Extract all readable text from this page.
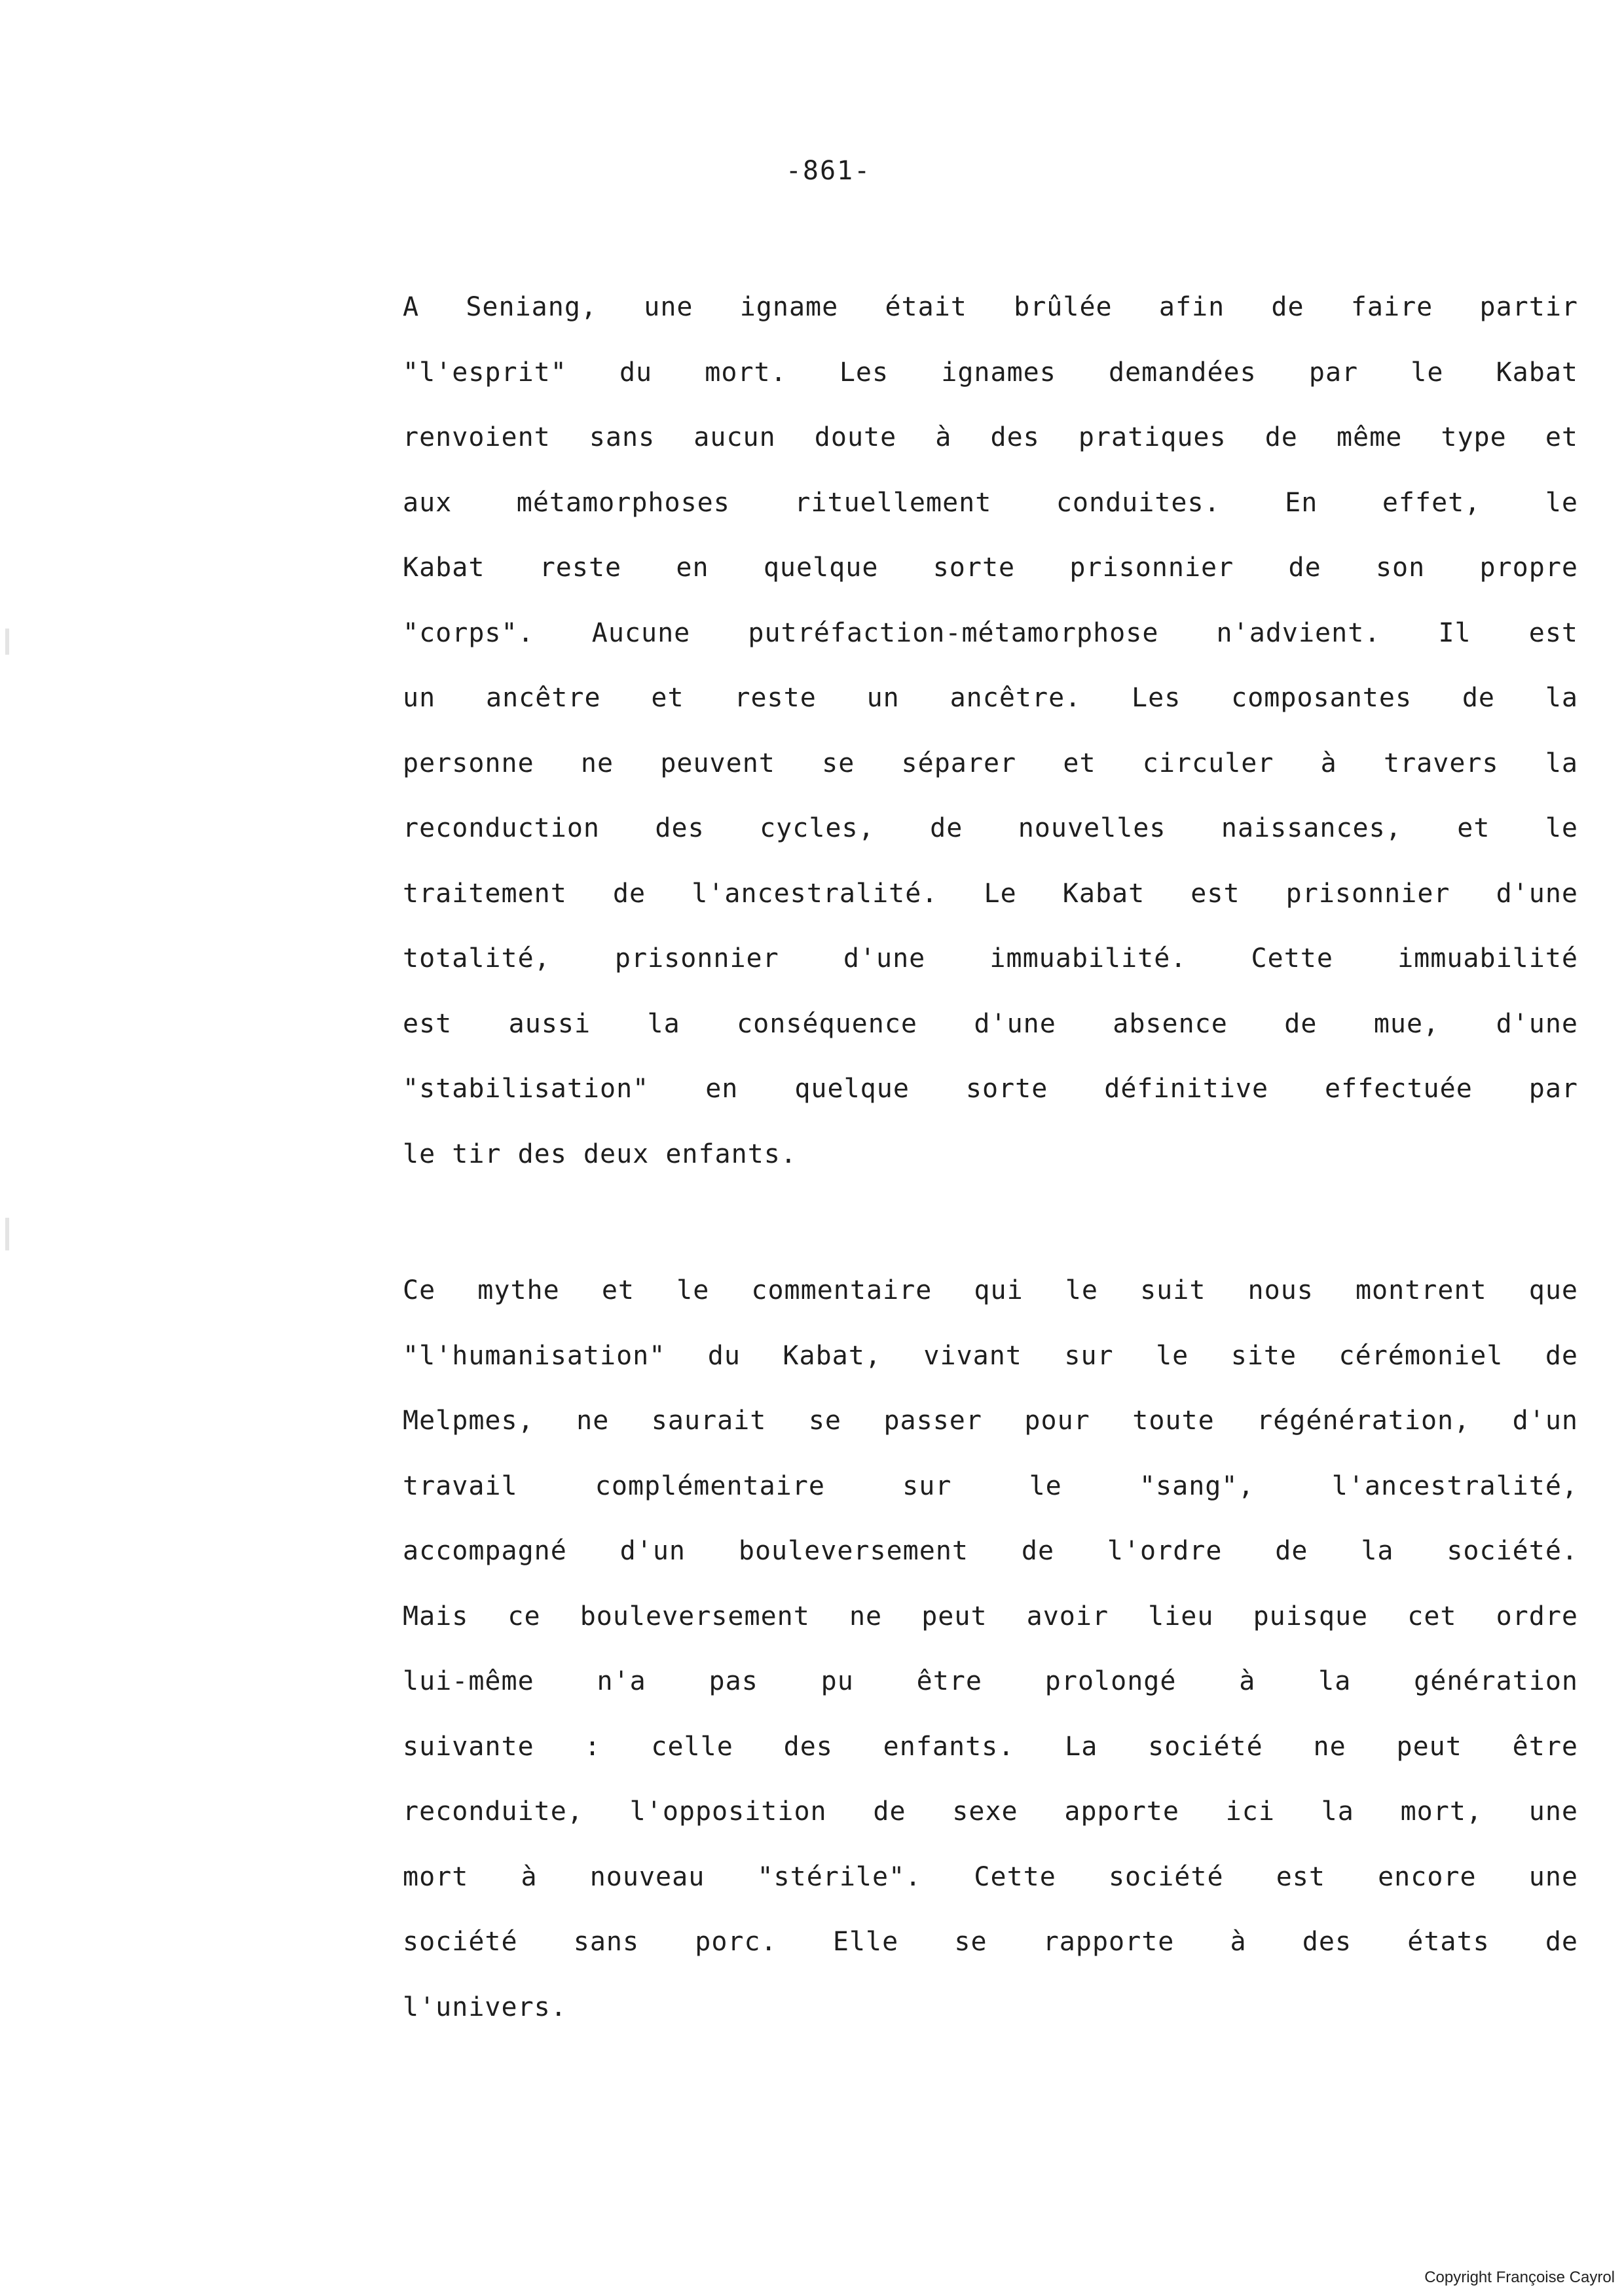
-861-

A Seniang, une igname était brûlée afin de faire partir
"l'esprit" du mort. Les ignames demandées par le Kabat
renvoient sans aucun doute à des pratiques de même type et
aux métamorphoses rituellement conduites. En effet, le
Kabat reste en quelque sorte prisonnier de son propre
"corps". Aucune putréfaction-métamorphose n'advient. Il est
un ancêtre et reste un ancêtre. Les composantes de la
personne ne peuvent se séparer et circuler à travers la
reconduction des cycles, de nouvelles naissances, et le
traitement de l'ancestralité. Le Kabat est prisonnier d'une
totalité, prisonnier d'une immuabilité. Cette immuabilité
est aussi la conséquence d'une absence de mue, d'une
"stabilisation" en quelque sorte définitive effectuée par
le tir des deux enfants.

Ce mythe et le commentaire qui le suit nous montrent que
"l'humanisation" du Kabat, vivant sur le site cérémoniel de
Melpmes, ne saurait se passer pour toute régénération, d'un
travail complémentaire sur le "sang", l'ancestralité,
accompagné d'un bouleversement de l'ordre de la société.
Mais ce bouleversement ne peut avoir lieu puisque cet ordre
lui-même n'a pas pu être prolongé à la génération
suivante : celle des enfants. La société ne peut être
reconduite, l'opposition de sexe apporte ici la mort, une
mort à nouveau "stérile". Cette société est encore une
société sans porc. Elle se rapporte à des états de
l'univers.

Copyright Françoise Cayrol
